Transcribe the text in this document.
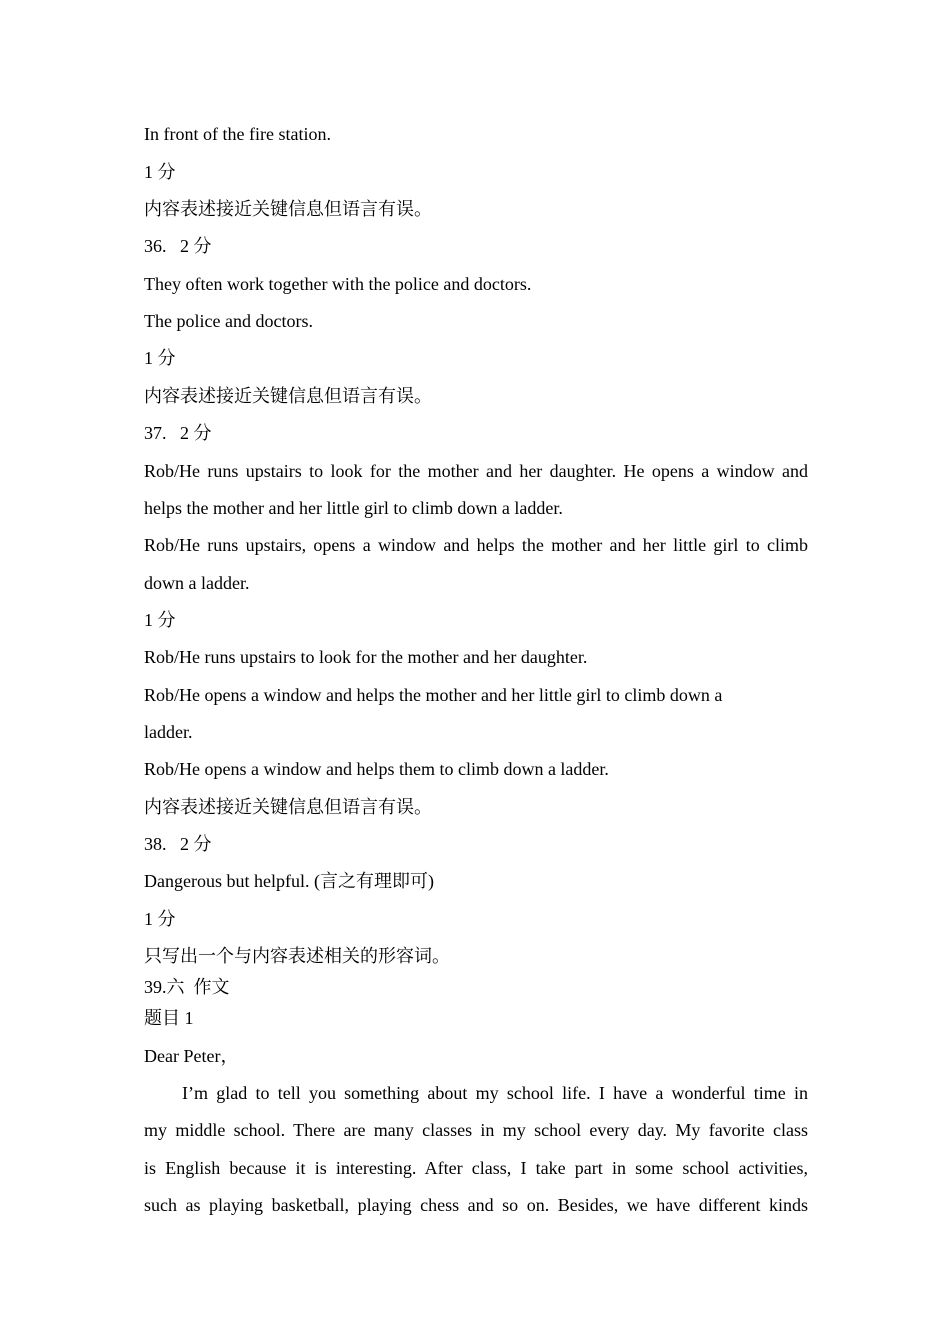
In front of the fire station.
1 分
内容表述接近关键信息但语言有误。
36.   2 分
They often work together with the police and doctors.
The police and doctors.
1 分
内容表述接近关键信息但语言有误。
37.   2 分
Rob/He runs upstairs to look for the mother and her daughter. He opens a window and
helps the mother and her little girl to climb down a ladder.
Rob/He runs upstairs, opens a window and helps the mother and her little girl to climb
down a ladder.
1 分
Rob/He runs upstairs to look for the mother and her daughter.
Rob/He opens a window and helps the mother and her little girl to climb down a
ladder.
Rob/He opens a window and helps them to climb down a ladder.
内容表述接近关键信息但语言有误。
38.   2 分
Dangerous but helpful. (言之有理即可)
1 分
只写出一个与内容表述相关的形容词。
39.六  作文
题目 1
Dear Peter，
I’m glad to tell you something about my school life. I have a wonderful time in
my middle school. There are many classes in my school every day. My favorite class
is English because it is interesting. After class, I take part in some school activities,
such as playing basketball, playing chess and so on. Besides, we have different kinds
